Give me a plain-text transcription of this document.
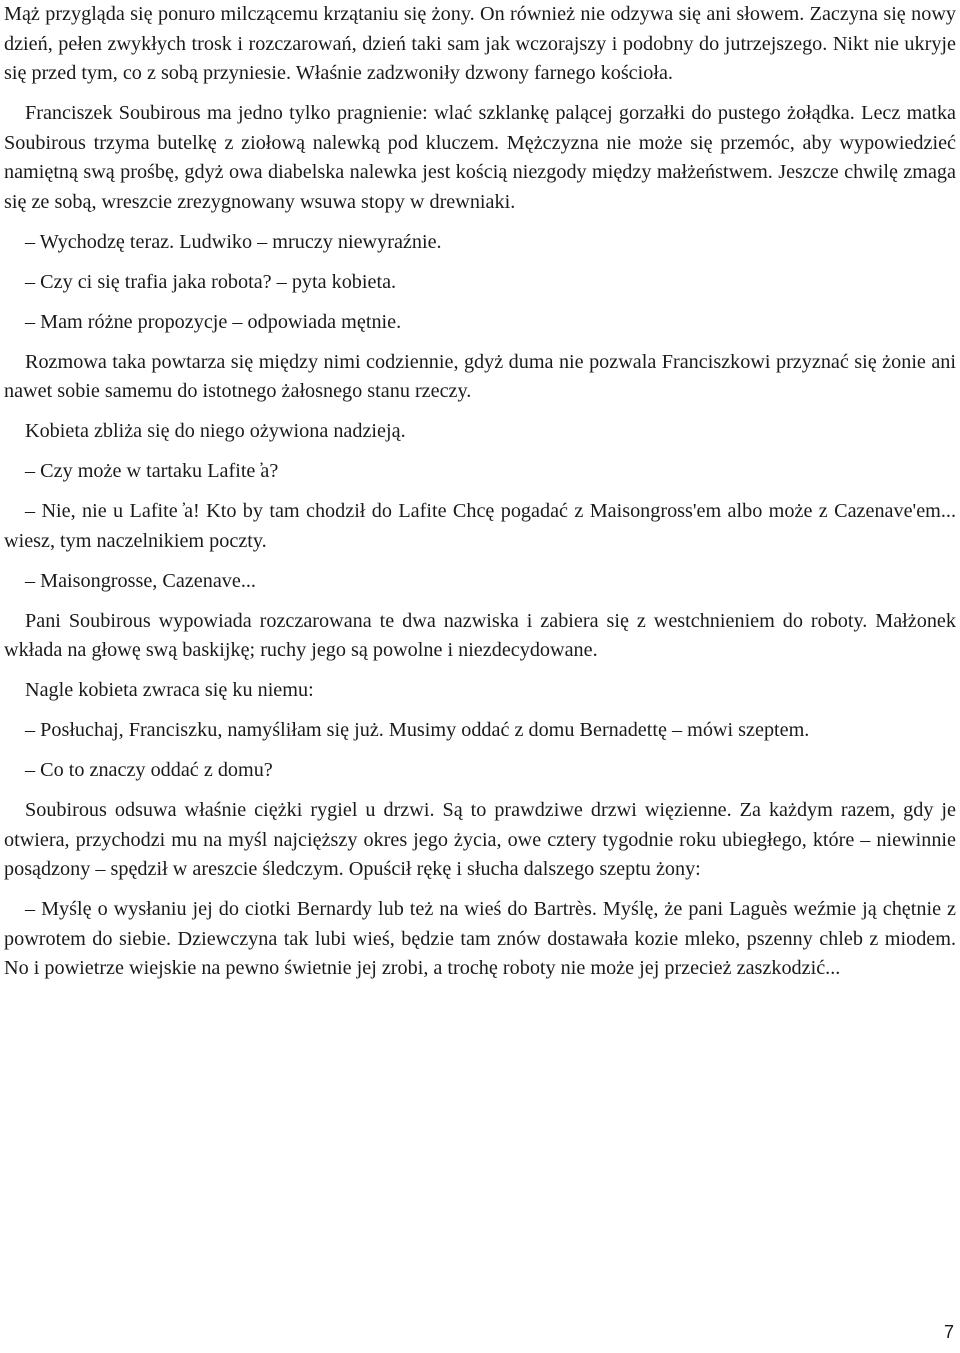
Mąż przygląda się ponuro milczącemu krzątaniu się żony. On również nie odzywa się ani słowem. Zaczyna się nowy dzień, pełen zwykłych trosk i rozczarowań, dzień taki sam jak wczorajszy i podobny do jutrzejszego. Nikt nie ukryje się przed tym, co z sobą przyniesie. Właśnie zadzwoniły dzwony farnego kościoła.

Franciszek Soubirous ma jedno tylko pragnienie: wlać szklankę palącej gorzałki do pustego żołądka. Lecz matka Soubirous trzyma butelkę z ziołową nalewką pod kluczem. Mężczyzna nie może się przemóc, aby wypowiedzieć namiętną swą prośbę, gdyż owa diabelska nalewka jest kością niezgody między małżeństwem. Jeszcze chwilę zmaga się ze sobą, wreszcie zrezygnowany wsuwa stopy w drewniaki.

– Wychodzę teraz. Ludwiko – mruczy niewyraźnie.

– Czy ci się trafia jaka robota? – pyta kobieta.

– Mam różne propozycje – odpowiada mętnie.

Rozmowa taka powtarza się między nimi codziennie, gdyż duma nie pozwala Franciszkowi przyznać się żonie ani nawet sobie samemu do istotnego żałosnego stanu rzeczy.

Kobieta zbliża się do niego ożywiona nadzieją.

– Czy może w tartaku Lafite ̕a?

– Nie, nie u Lafite ̕a! Kto by tam chodził do Lafite Chcę pogadać z Maisongross'em albo może z Cazenave'em... wiesz, tym naczelnikiem poczty.

– Maisongrosse, Cazenave...

Pani Soubirous wypowiada rozczarowana te dwa nazwiska i zabiera się z westchnieniem do roboty. Małżonek wkłada na głowę swą baskijkę; ruchy jego są powolne i niezdecydowane.

Nagle kobieta zwraca się ku niemu:

– Posłuchaj, Franciszku, namyśliłam się już. Musimy oddać z domu Bernadettę – mówi szeptem.

– Co to znaczy oddać z domu?

Soubirous odsuwa właśnie ciężki rygiel u drzwi. Są to prawdziwe drzwi więzienne. Za każdym razem, gdy je otwiera, przychodzi mu na myśl najcięższy okres jego życia, owe cztery tygodnie roku ubiegłego, które – niewinnie posądzony – spędził w areszcie śledczym. Opuścił rękę i słucha dalszego szeptu żony:

– Myślę o wysłaniu jej do ciotki Bernardy lub też na wieś do Bartrès. Myślę, że pani Laguès weźmie ją chętnie z powrotem do siebie. Dziewczyna tak lubi wieś, będzie tam znów dostawała kozie mleko, pszenny chleb z miodem. No i powietrze wiejskie na pewno świetnie jej zrobi, a trochę roboty nie może jej przecież zaszkodzić...

7
